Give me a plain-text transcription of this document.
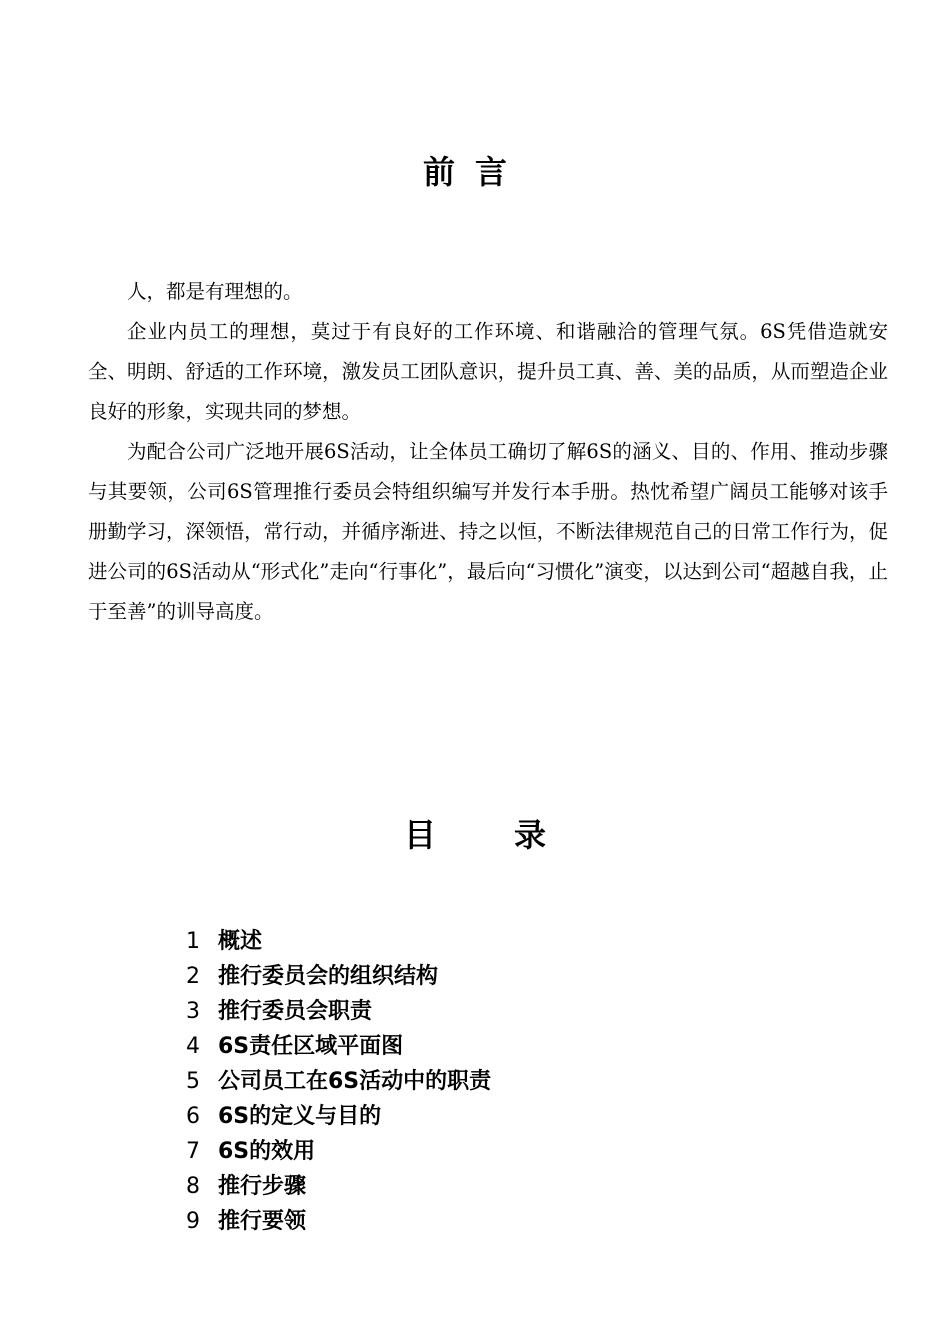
前言

人，都是有理想的。

企业内员工的理想，莫过于有良好的工作环境、和谐融洽的管理气氛。6S凭借造就安全、明朗、舒适的工作环境，激发员工团队意识，提升员工真、善、美的品质，从而塑造企业良好的形象，实现共同的梦想。

为配合公司广泛地开展6S活动，让全体员工确切了解6S的涵义、目的、作用、推动步骤与其要领，公司6S管理推行委员会特组织编写并发行本手册。热忱希望广阔员工能够对该手册勤学习，深领悟，常行动，并循序渐进、持之以恒，不断法律规范自己的日常工作行为，促进公司的6S活动从“形式化”走向“行事化”，最后向“习惯化”演变，以达到公司“超越自我，止于至善”的训导高度。

目 录
1 概述
2 推行委员会的组织结构
3 推行委员会职责
4 6S责任区域平面图
5 公司员工在6S活动中的职责
6 6S的定义与目的
7 6S的效用
8 推行步骤
9 推行要领
